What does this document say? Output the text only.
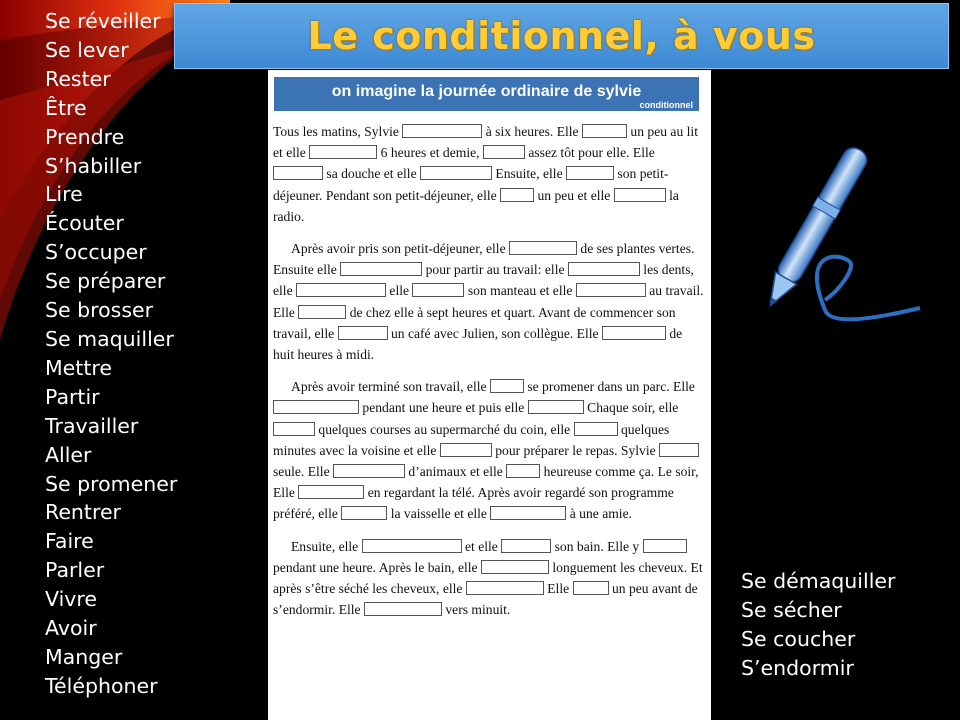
Se réveiller
Se lever
Rester
Être
Prendre
S’habiller
Lire
Écouter
S’occuper
Se préparer
Se brosser
Se maquiller
Mettre
Partir
Travailler
Aller
Se promener
Rentrer
Faire
Parler
Vivre
Avoir
Manger
Téléphoner
Le conditionnel, à vous
on imagine la journée ordinaire de sylvie
conditionnel

Tous les matins, Sylvie	à six heures. Elle	un peu au lit et elle	6 heures et demie,	assez tôt pour elle. Elle  sa douche et elle	Ensuite, elle	son petit-déjeuner. Pendant son petit-déjeuner, elle	un peu et elle	la radio.

Après avoir pris son petit-déjeuner, elle	de ses plantes vertes. Ensuite elle	pour partir au travail: elle	les dents, elle	elle	son manteau et elle	au travail. Elle	de chez elle à sept heures et quart. Avant de commencer son travail, elle	un café avec Julien, son collègue. Elle	de huit heures à midi.

Après avoir terminé son travail, elle	se promener dans un parc. Elle  pendant une heure et puis elle	Chaque soir, elle  quelques courses au supermarché du coin, elle	quelques minutes avec la voisine et elle	pour préparer le repas. Sylvie  seule. Elle	d’animaux et elle	heureuse comme ça. Le soir, Elle	en regardant la télé. Après avoir regardé son programme préféré, elle	la vaisselle et elle	à une amie.

Ensuite, elle	et elle	son bain. Elle y  pendant une heure. Après le bain, elle	longuement les cheveux. Et après s’être séché les cheveux, elle	Elle	un peu avant de s’endormir. Elle	vers minuit.

Se démaquiller
Se sécher
Se coucher
S’endormir
